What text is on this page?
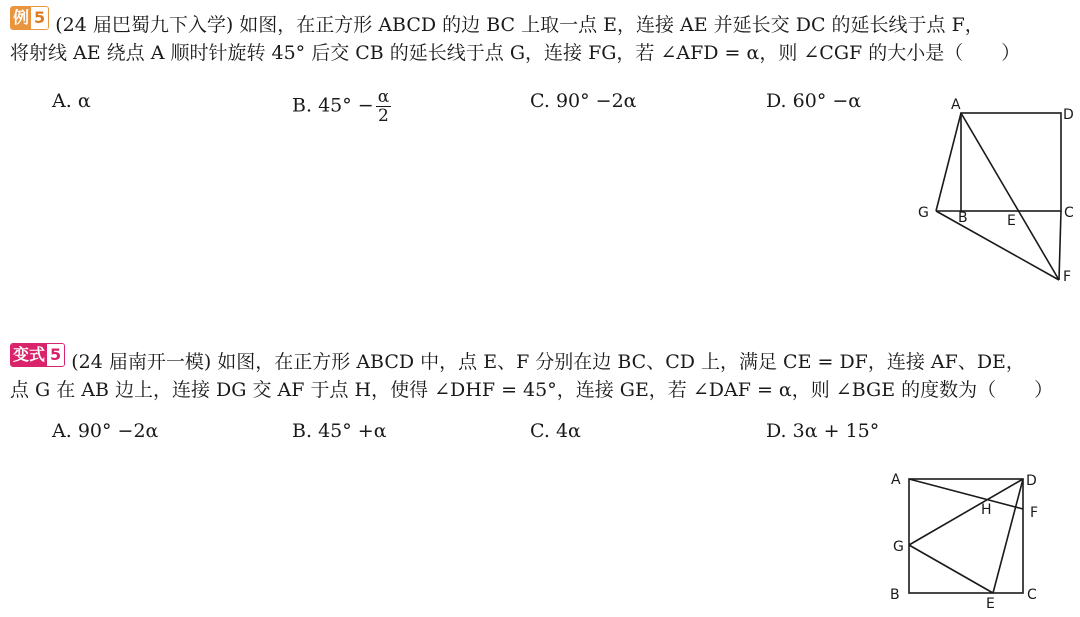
例 5 (24 届巴蜀九下入学) 如图，在正方形 ABCD 的边 BC 上取一点 E，连接 AE 并延长交 DC 的延长线于点 F，
将射线 AE 绕点 A 顺时针旋转 45° 后交 CB 的延长线于点 G，连接 FG，若 ∠AFD = α，则 ∠CGF 的大小是（　　）
A. α	B. $45^\circ - \frac{\alpha}{2}$	C. 90° −2α	D. 60° −α	A
D
G B	E	C
F
变式 5 (24 届南开一模) 如图，在正方形 ABCD 中，点 E、F 分别在边 BC、CD 上，满足 CE = DF，连接 AF、DE，
点 G 在 AB 边上，连接 DG 交 AF 于点 H，使得 ∠DHF = 45°，连接 GE，若 ∠DAF = α，则 ∠BGE 的度数为（　　）
A. 90° −2α	B. 45° +α	C. 4α	D. 3α + 15°
A	D
H	F
G
B
E
C
